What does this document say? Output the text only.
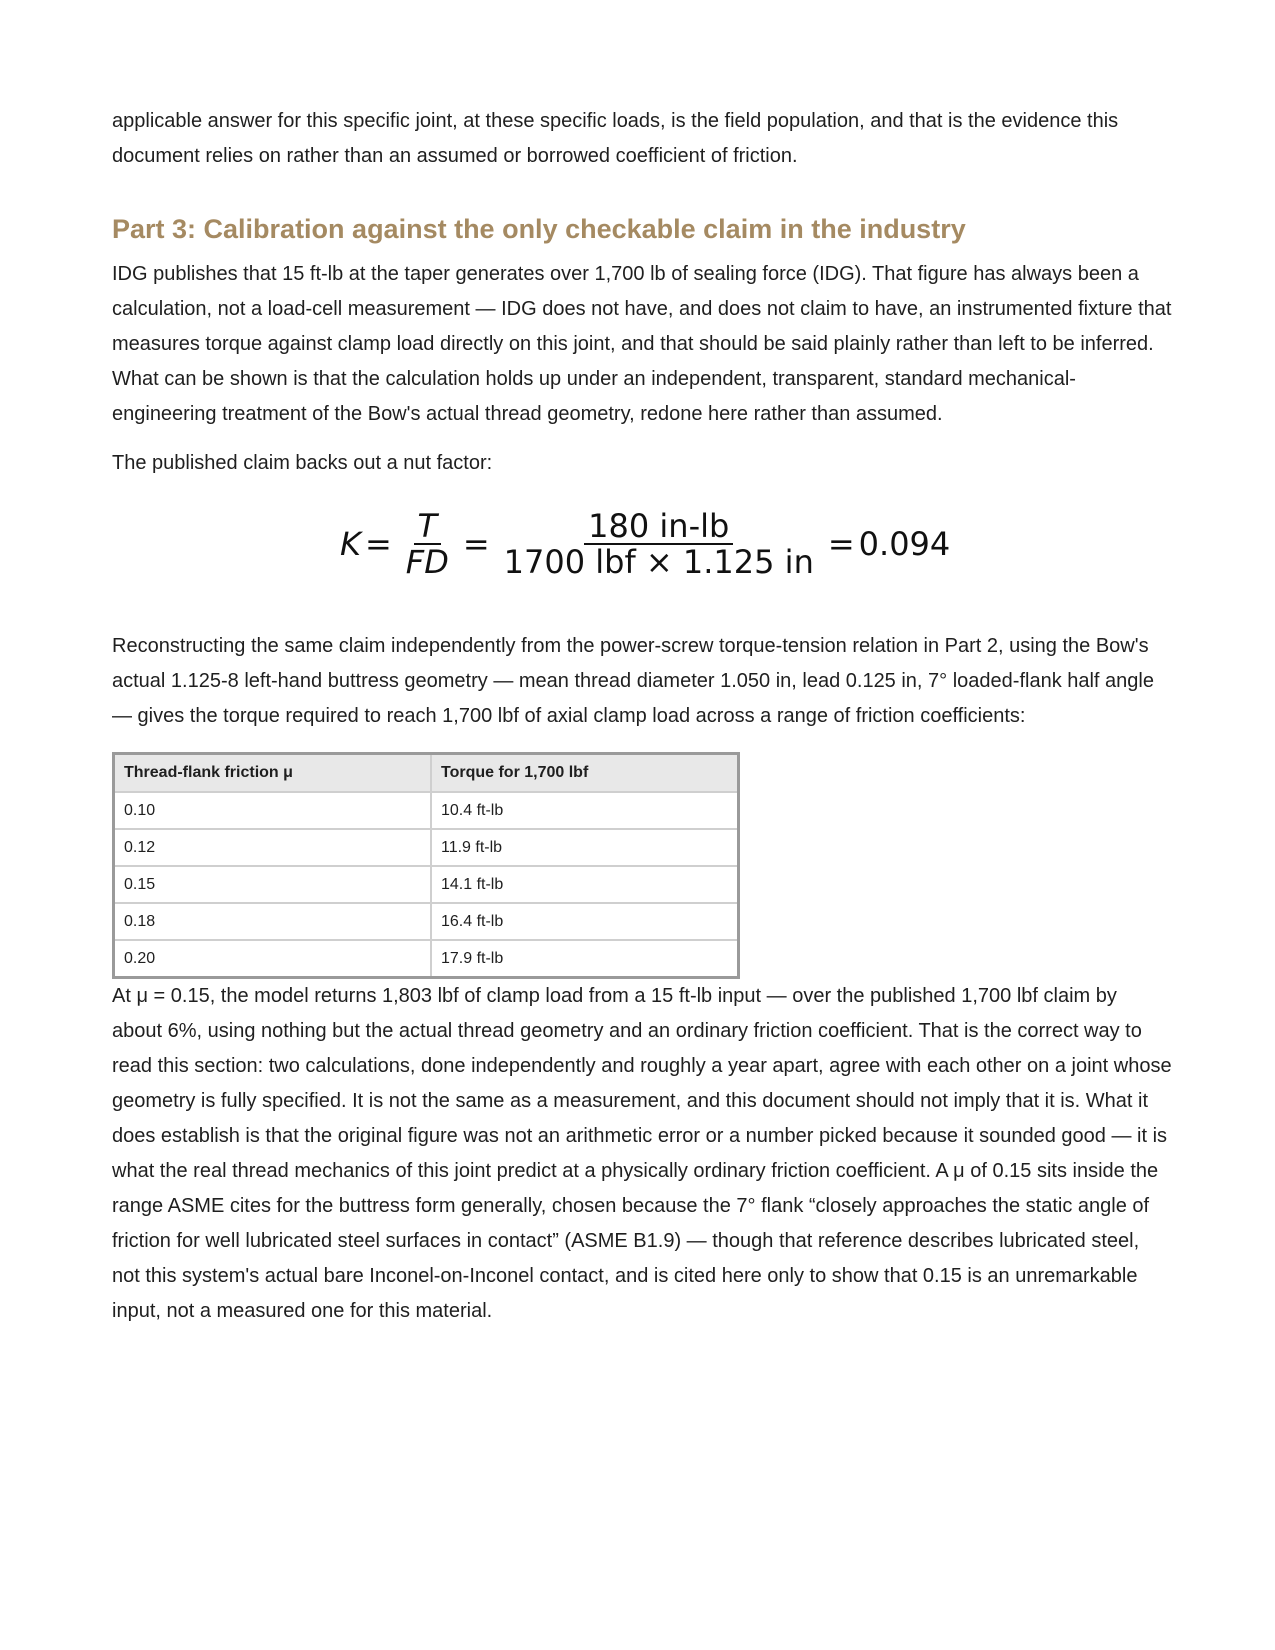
applicable answer for this specific joint, at these specific loads, is the field population, and that is the evidence this document relies on rather than an assumed or borrowed coefficient of friction.

Part 3: Calibration against the only checkable claim in the industry

IDG publishes that 15 ft-lb at the taper generates over 1,700 lb of sealing force (IDG). That figure has always been a calculation, not a load-cell measurement — IDG does not have, and does not claim to have, an instrumented fixture that measures torque against clamp load directly on this joint, and that should be said plainly rather than left to be inferred. What can be shown is that the calculation holds up under an independent, transparent, standard mechanical-engineering treatment of the Bow's actual thread geometry, redone here rather than assumed.

The published claim backs out a nut factor:

$K = \frac{T}{FD} = \frac{180 in-lb}{\text{1700 lbf × 1.125 in}} = 0.094$

Reconstructing the same claim independently from the power-screw torque-tension relation in Part 2, using the Bow's actual 1.125-8 left-hand buttress geometry — mean thread diameter 1.050 in, lead 0.125 in, 7° loaded-flank half angle — gives the torque required to reach 1,700 lbf of axial clamp load across a range of friction coefficients:

Thread-flank friction μ	Torque for 1,700 lbf
0.10	10.4 ft-lb
0.12	11.9 ft-lb
0.15	14.1 ft-lb
0.18	16.4 ft-lb
0.20	17.9 ft-lb

At μ = 0.15, the model returns 1,803 lbf of clamp load from a 15 ft-lb input — over the published 1,700 lbf claim by about 6%, using nothing but the actual thread geometry and an ordinary friction coefficient. That is the correct way to read this section: two calculations, done independently and roughly a year apart, agree with each other on a joint whose geometry is fully specified. It is not the same as a measurement, and this document should not imply that it is. What it does establish is that the original figure was not an arithmetic error or a number picked because it sounded good — it is what the real thread mechanics of this joint predict at a physically ordinary friction coefficient. A μ of 0.15 sits inside the range ASME cites for the buttress form generally, chosen because the 7° flank “closely approaches the static angle of friction for well lubricated steel surfaces in contact” (ASME B1.9) — though that reference describes lubricated steel, not this system's actual bare Inconel-on-Inconel contact, and is cited here only to show that 0.15 is an unremarkable input, not a measured one for this material.
